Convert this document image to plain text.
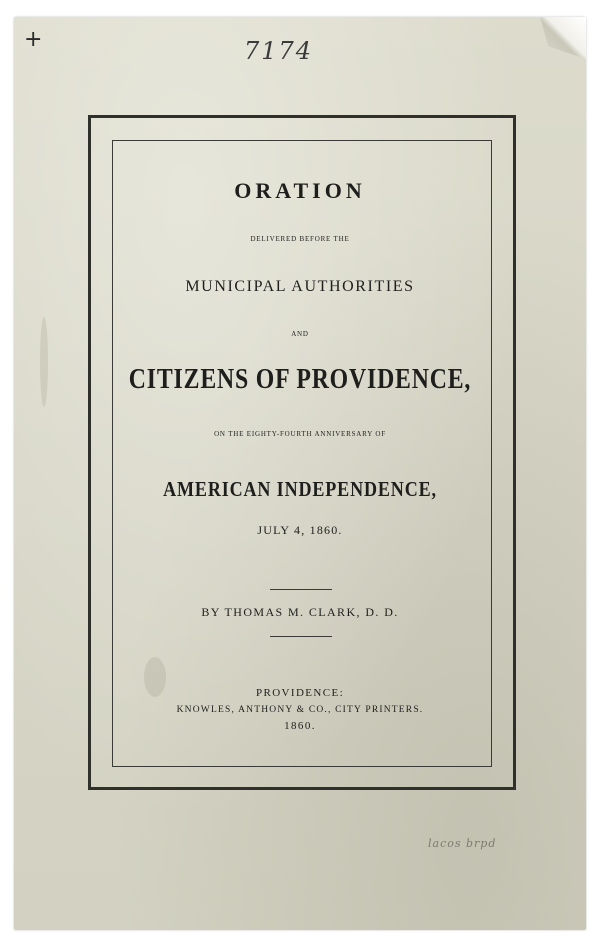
+	7174
lacos brpd
ORATION
DELIVERED BEFORE THE
MUNICIPAL AUTHORITIES
AND
CITIZENS OF PROVIDENCE,
ON THE EIGHTY-FOURTH ANNIVERSARY OF
AMERICAN INDEPENDENCE,
JULY 4, 1860.
BY THOMAS M. CLARK, D. D.
PROVIDENCE:
KNOWLES, ANTHONY & CO., CITY PRINTERS.
1860.
